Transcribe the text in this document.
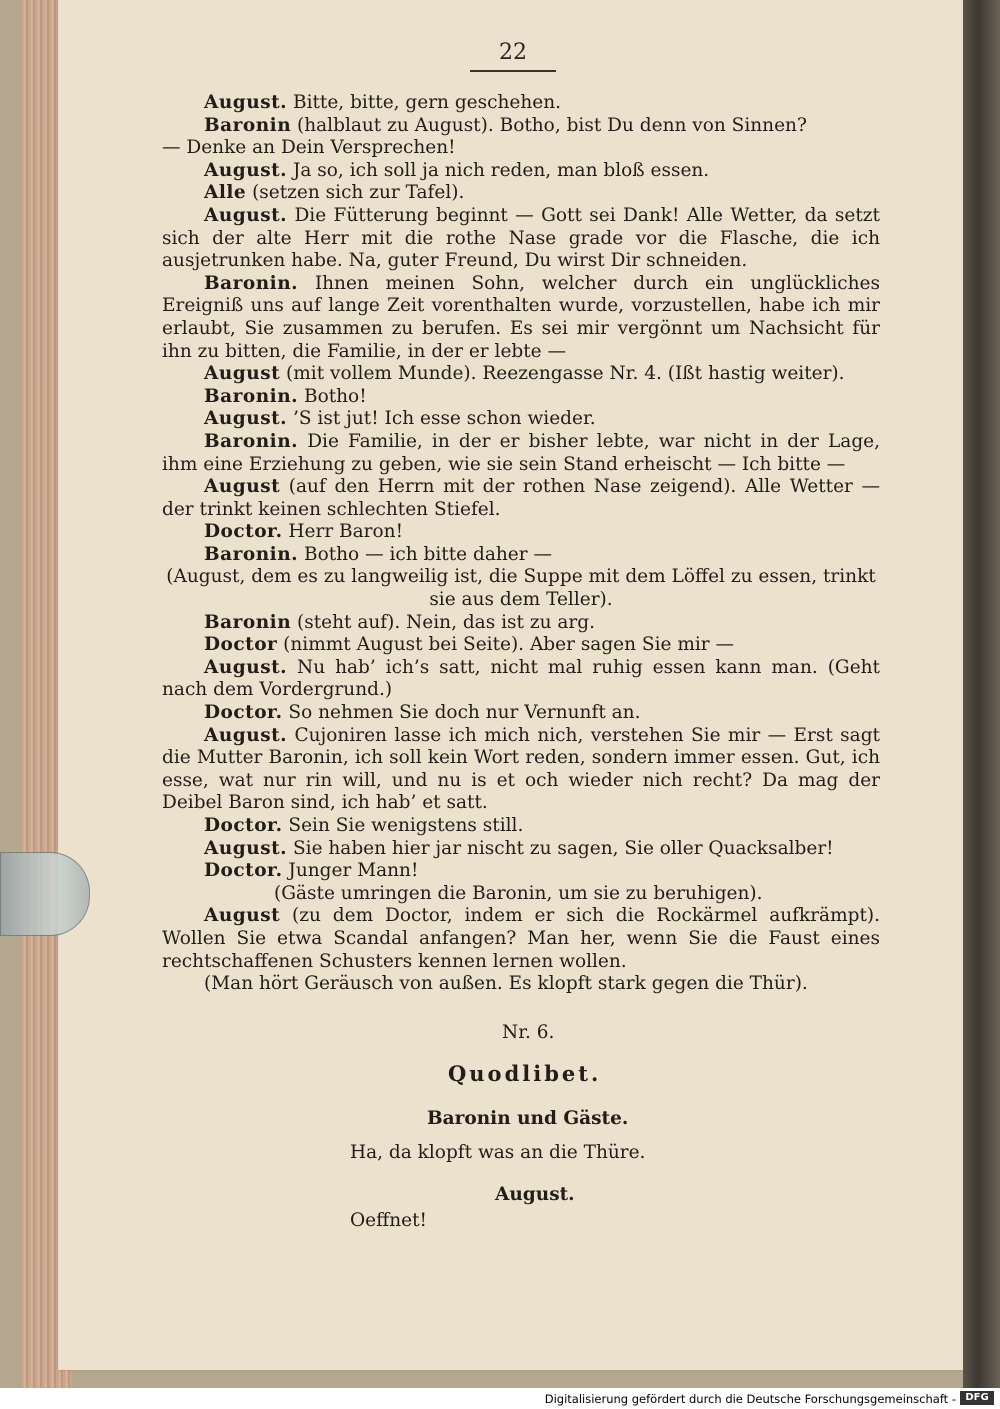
22

August. Bitte, bitte, gern geschehen.

Baronin (halblaut zu August). Botho, bist Du denn von Sinnen?

— Denke an Dein Versprechen!

August. Ja so, ich soll ja nich reden, man bloß essen.

Alle (setzen sich zur Tafel).

August. Die Fütterung beginnt — Gott sei Dank! Alle Wetter, da setzt sich der alte Herr mit die rothe Nase grade vor die Flasche, die ich ausjetrunken habe. Na, guter Freund, Du wirst Dir schneiden.

Baronin. Ihnen meinen Sohn, welcher durch ein unglückliches Ereigniß uns auf lange Zeit vorenthalten wurde, vorzustellen, habe ich mir erlaubt, Sie zusammen zu berufen. Es sei mir vergönnt um Nachsicht für ihn zu bitten, die Familie, in der er lebte —

August (mit vollem Munde). Reezengasse Nr. 4. (Ißt hastig weiter).

Baronin. Botho!

August. ’S ist jut! Ich esse schon wieder.

Baronin. Die Familie, in der er bisher lebte, war nicht in der Lage, ihm eine Erziehung zu geben, wie sie sein Stand erheischt — Ich bitte —

August (auf den Herrn mit der rothen Nase zeigend). Alle Wetter — der trinkt keinen schlechten Stiefel.

Doctor. Herr Baron!

Baronin. Botho — ich bitte daher —

(August, dem es zu langweilig ist, die Suppe mit dem Löffel zu essen, trinkt sie aus dem Teller).

Baronin (steht auf). Nein, das ist zu arg.

Doctor (nimmt August bei Seite). Aber sagen Sie mir —

August. Nu hab’ ich’s satt, nicht mal ruhig essen kann man. (Geht nach dem Vordergrund.)

Doctor. So nehmen Sie doch nur Vernunft an.

August. Cujoniren lasse ich mich nich, verstehen Sie mir — Erst sagt die Mutter Baronin, ich soll kein Wort reden, sondern immer essen. Gut, ich esse, wat nur rin will, und nu is et och wieder nich recht? Da mag der Deibel Baron sind, ich hab’ et satt.

Doctor. Sein Sie wenigstens still.

August. Sie haben hier jar nischt zu sagen, Sie oller Quacksalber!

Doctor. Junger Mann!

(Gäste umringen die Baronin, um sie zu beruhigen).

August (zu dem Doctor, indem er sich die Rockärmel aufkrämpt). Wollen Sie etwa Scandal anfangen? Man her, wenn Sie die Faust eines rechtschaffenen Schusters kennen lernen wollen.

(Man hört Geräusch von außen. Es klopft stark gegen die Thür).

Nr. 6.
Quodlibet.
Baronin und Gäste.
Ha, da klopft was an die Thüre.
August.
Oeffnet!
Digitalisierung gefördert durch die Deutsche Forschungsgemeinschaft - DFG
